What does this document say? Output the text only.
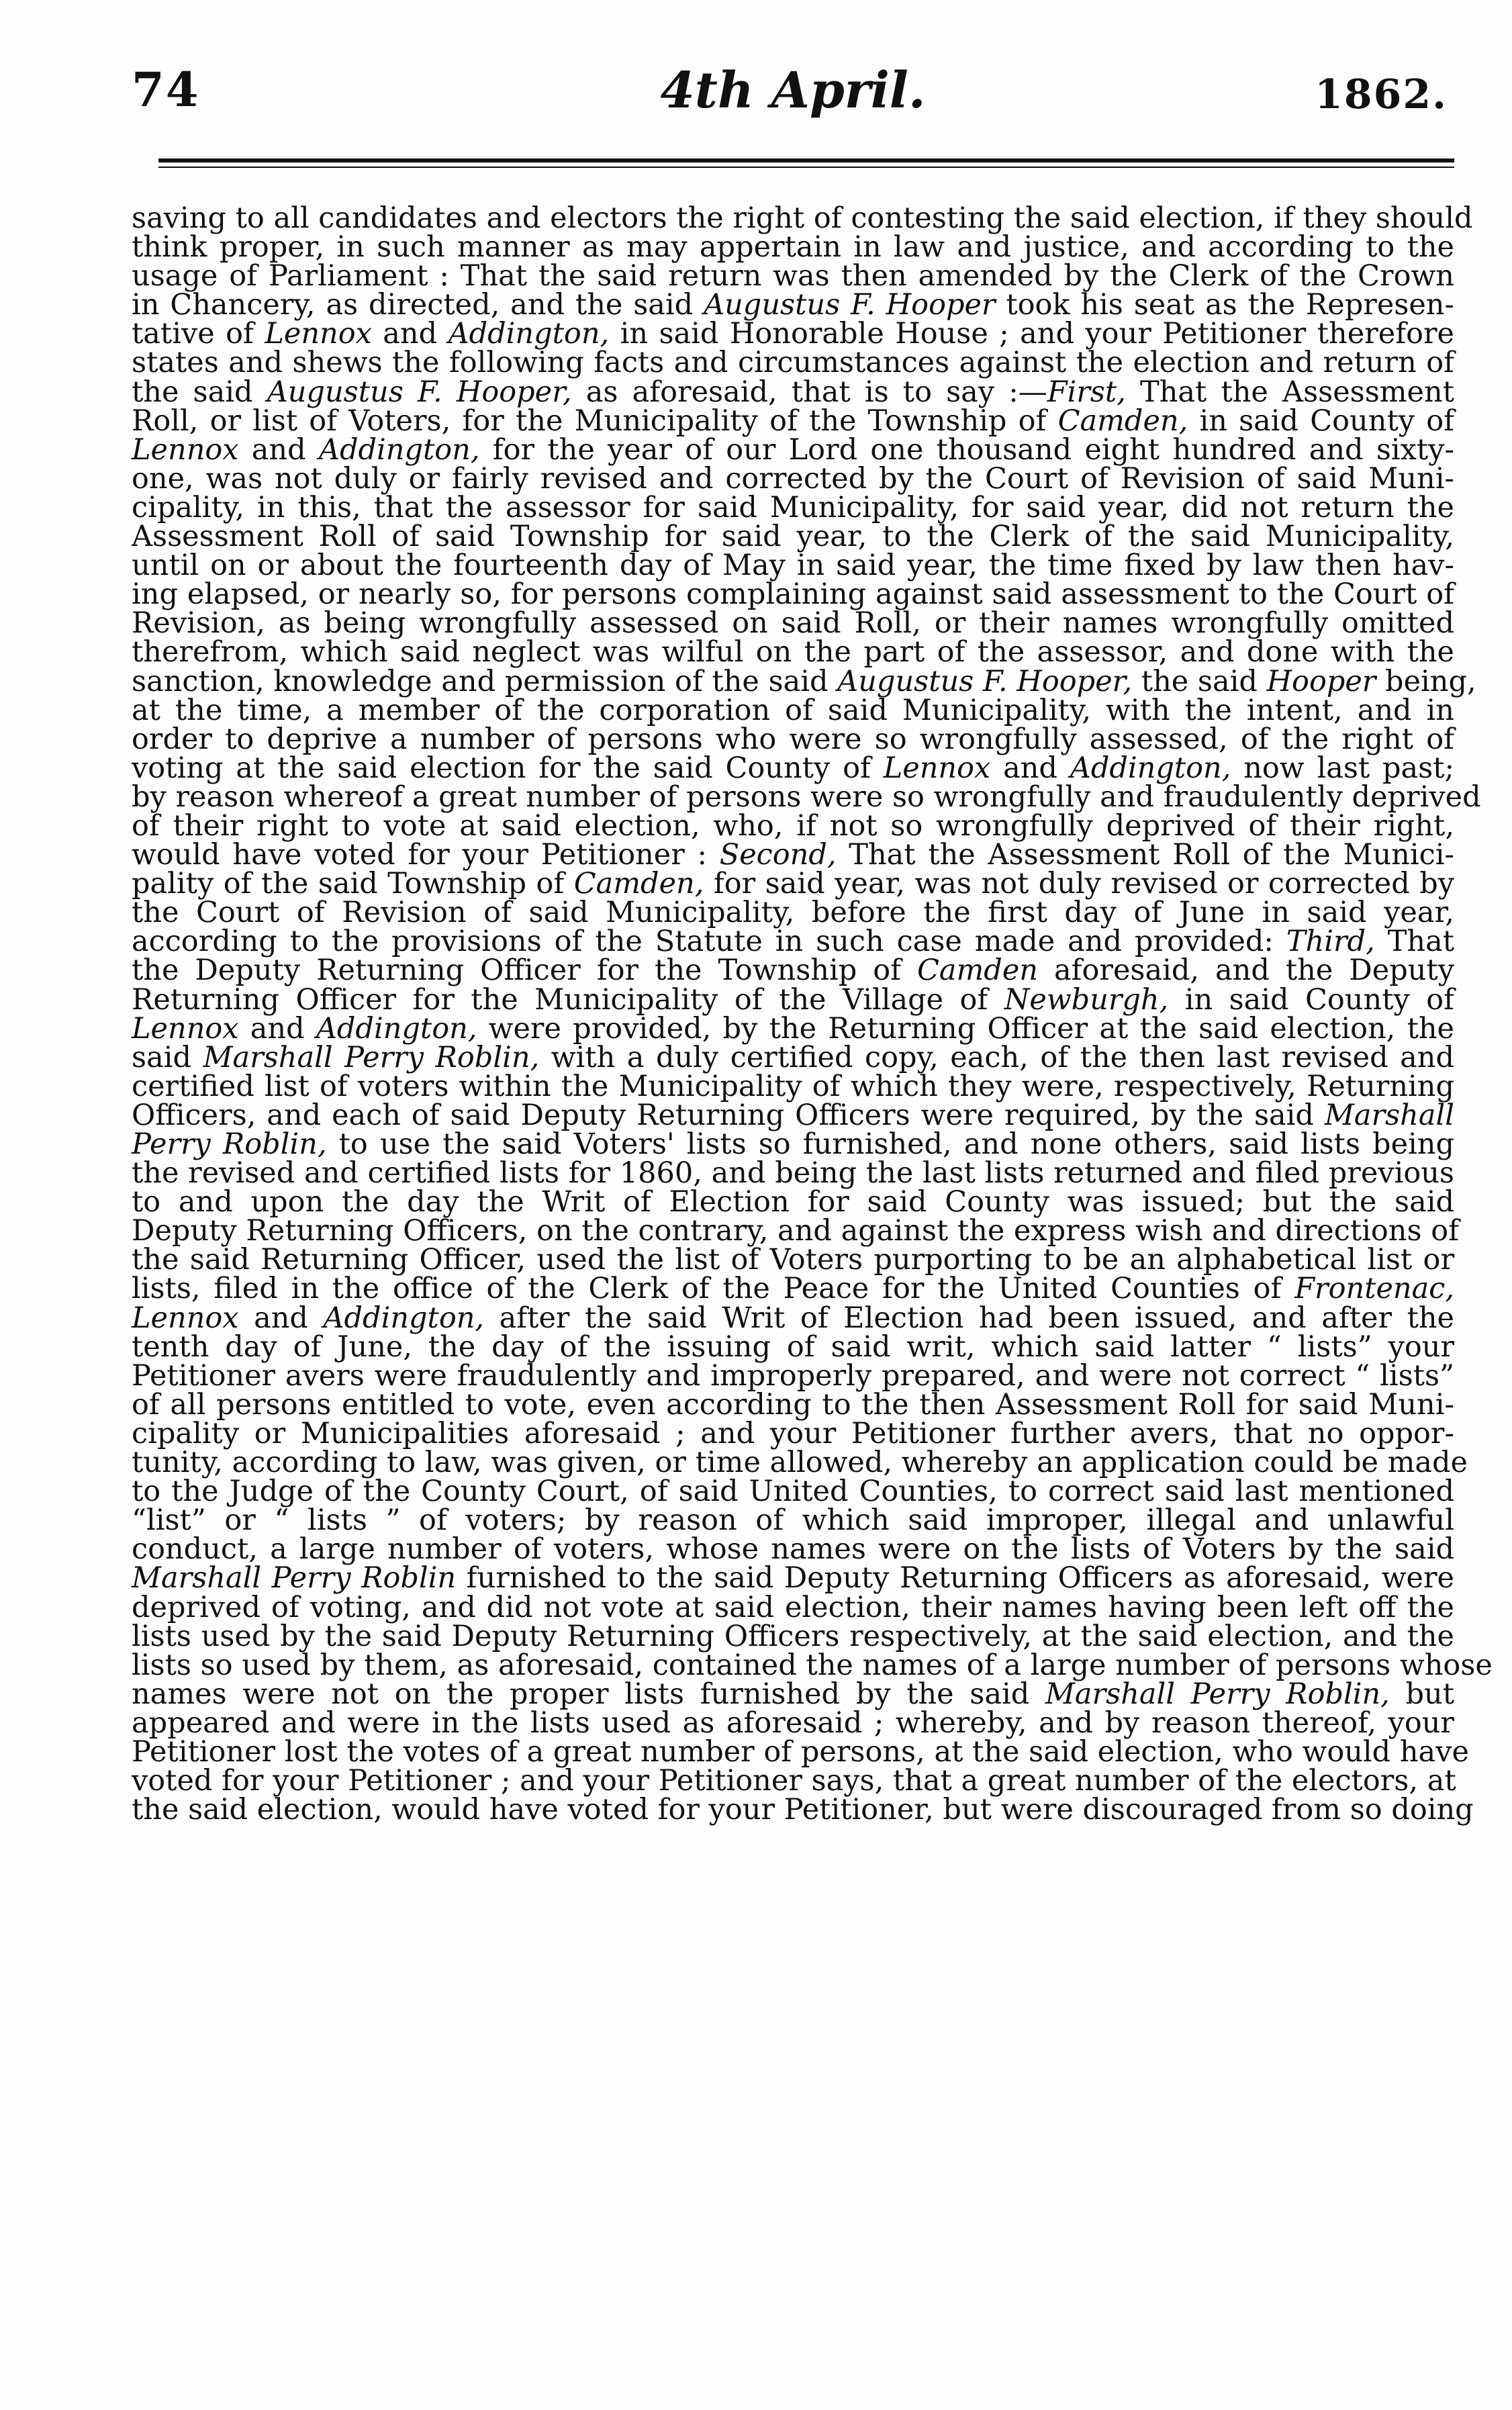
74	4th April.	1862.
saving to all candidates and electors the right of contesting the said election, if they should
think proper, in such manner as may appertain in law and justice, and according to the
usage of Parliament : That the said return was then amended by the Clerk of the Crown
in Chancery, as directed, and the said Augustus F. Hooper took his seat as the Represen-
tative of Lennox and Addington, in said Honorable House ; and your Petitioner therefore
states and shews the following facts and circumstances against the election and return of
the said Augustus F. Hooper, as aforesaid, that is to say :—First, That the Assessment
Roll, or list of Voters, for the Municipality of the Township of Camden, in said County of
Lennox and Addington, for the year of our Lord one thousand eight hundred and sixty-
one, was not duly or fairly revised and corrected by the Court of Revision of said Muni-
cipality, in this, that the assessor for said Municipality, for said year, did not return the
Assessment Roll of said Township for said year, to the Clerk of the said Municipality,
until on or about the fourteenth day of May in said year, the time fixed by law then hav-
ing elapsed, or nearly so, for persons complaining against said assessment to the Court of
Revision, as being wrongfully assessed on said Roll, or their names wrongfully omitted
therefrom, which said neglect was wilful on the part of the assessor, and done with the
sanction, knowledge and permission of the said Augustus F. Hooper, the said Hooper being,
at the time, a member of the corporation of said Municipality, with the intent, and in
order to deprive a number of persons who were so wrongfully assessed, of the right of
voting at the said election for the said County of Lennox and Addington, now last past;
by reason whereof a great number of persons were so wrongfully and fraudulently deprived
of their right to vote at said election, who, if not so wrongfully deprived of their right,
would have voted for your Petitioner : Second, That the Assessment Roll of the Munici-
pality of the said Township of Camden, for said year, was not duly revised or corrected by
the Court of Revision of said Municipality, before the first day of June in said year,
according to the provisions of the Statute in such case made and provided: Third, That
the Deputy Returning Officer for the Township of Camden aforesaid, and the Deputy
Returning Officer for the Municipality of the Village of Newburgh, in said County of
Lennox and Addington, were provided, by the Returning Officer at the said election, the
said Marshall Perry Roblin, with a duly certified copy, each, of the then last revised and
certified list of voters within the Municipality of which they were, respectively, Returning
Officers, and each of said Deputy Returning Officers were required, by the said Marshall
Perry Roblin, to use the said Voters' lists so furnished, and none others, said lists being
the revised and certified lists for 1860, and being the last lists returned and filed previous
to and upon the day the Writ of Election for said County was issued; but the said
Deputy Returning Officers, on the contrary, and against the express wish and directions of
the said Returning Officer, used the list of Voters purporting to be an alphabetical list or
lists, filed in the office of the Clerk of the Peace for the United Counties of Frontenac,
Lennox and Addington, after the said Writ of Election had been issued, and after the
tenth day of June, the day of the issuing of said writ, which said latter “ lists” your
Petitioner avers were fraudulently and improperly prepared, and were not correct “ lists”
of all persons entitled to vote, even according to the then Assessment Roll for said Muni-
cipality or Municipalities aforesaid ; and your Petitioner further avers, that no oppor-
tunity, according to law, was given, or time allowed, whereby an application could be made
to the Judge of the County Court, of said United Counties, to correct said last mentioned
“list” or “ lists ” of voters; by reason of which said improper, illegal and unlawful
conduct, a large number of voters, whose names were on the lists of Voters by the said
Marshall Perry Roblin furnished to the said Deputy Returning Officers as aforesaid, were
deprived of voting, and did not vote at said election, their names having been left off the
lists used by the said Deputy Returning Officers respectively, at the said election, and the
lists so used by them, as aforesaid, contained the names of a large number of persons whose
names were not on the proper lists furnished by the said Marshall Perry Roblin, but
appeared and were in the lists used as aforesaid ; whereby, and by reason thereof, your
Petitioner lost the votes of a great number of persons, at the said election, who would have
voted for your Petitioner ; and your Petitioner says, that a great number of the electors, at
the said election, would have voted for your Petitioner, but were discouraged from so doing
